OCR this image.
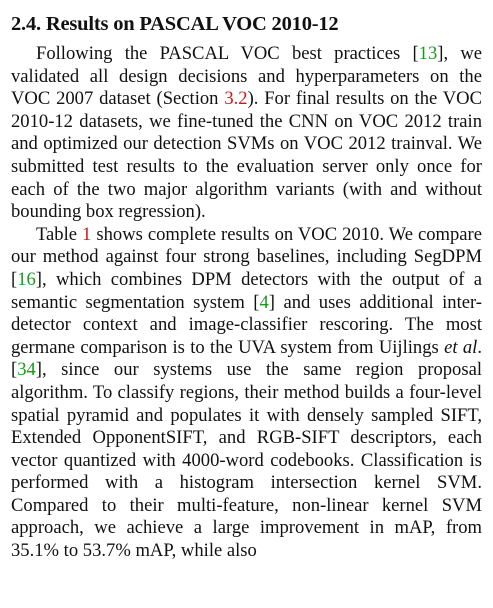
2.4. Results on PASCAL VOC 2010-12

Following the PASCAL VOC best practices [13], we validated all design decisions and hyperparameters on the VOC 2007 dataset (Section 3.2). For final results on the VOC 2010-12 datasets, we fine-tuned the CNN on VOC 2012 train and optimized our detection SVMs on VOC 2012 trainval. We submitted test results to the evaluation server only once for each of the two major algorithm variants (with and without bounding box regression).

Table 1 shows complete results on VOC 2010. We compare our method against four strong baselines, including SegDPM [16], which combines DPM detectors with the output of a semantic segmentation system [4] and uses additional inter-detector context and image-classifier rescoring. The most germane comparison is to the UVA system from Uijlings et al. [34], since our systems use the same region proposal algorithm. To classify regions, their method builds a four-level spatial pyramid and populates it with densely sampled SIFT, Extended OpponentSIFT, and RGB-SIFT descriptors, each vector quantized with 4000-word codebooks. Classification is performed with a histogram intersection kernel SVM. Compared to their multi-feature, non-linear kernel SVM approach, we achieve a large improvement in mAP, from 35.1% to 53.7% mAP, while also
